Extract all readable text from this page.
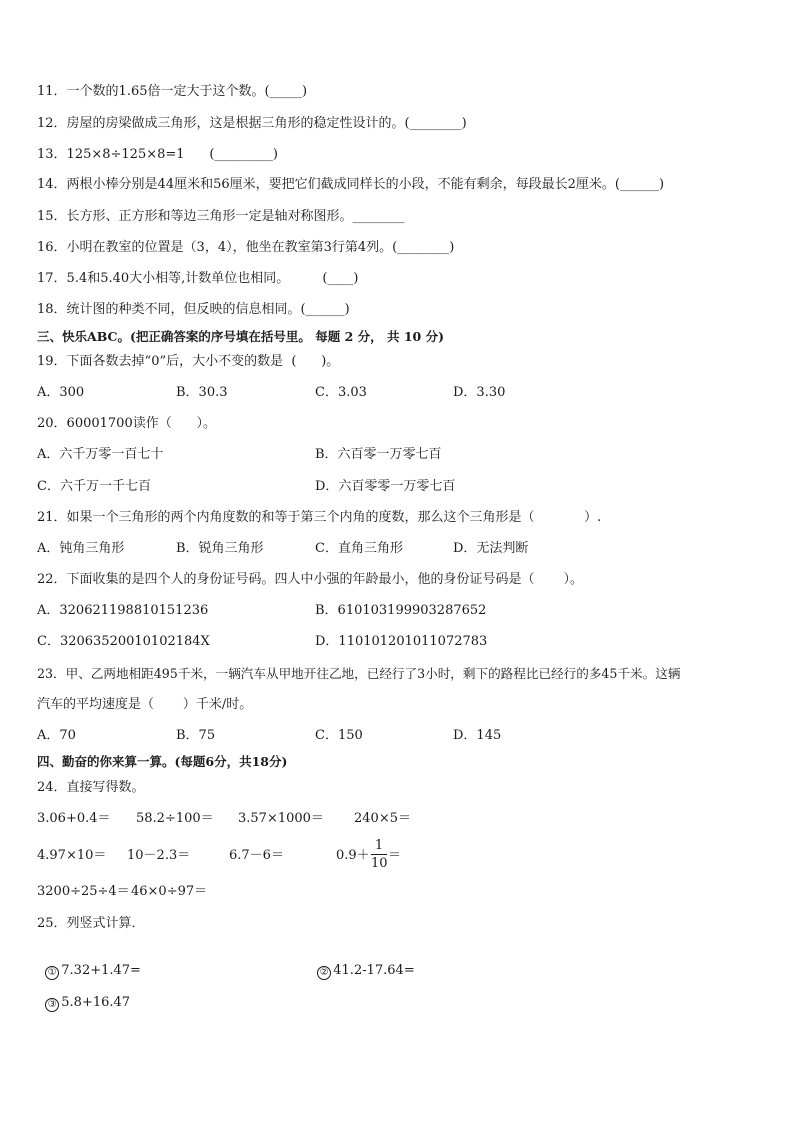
11．一个数的1.65倍一定大于这个数。(_____)
12．房屋的房梁做成三角形，这是根据三角形的稳定性设计的。(________)
13．125×8÷125×8=1      (_________)
14．两根小棒分别是44厘米和56厘米，要把它们截成同样长的小段，不能有剩余，每段最长2厘米。(______)
15．长方形、正方形和等边三角形一定是轴对称图形。________
16．小明在教室的位置是（3，4），他坐在教室第3行第4列。(________)
17．5.4和5.40大小相等,计数单位也相同。        (____)
18．统计图的种类不同，但反映的信息相同。(______)
三、快乐ABC。(把正确答案的序号填在括号里。 每题 2 分， 共 10 分)
19．下面各数去掉“0”后，大小不变的数是  (      )。
A．300	B．30.3	C．3.03	D．3.30
20．60001700读作（      ）。
A．六千万零一百七十	B．六百零一万零七百
C．六千万一千七百	D．六百零零一万零七百
21．如果一个三角形的两个内角度数的和等于第三个内角的度数，那么这个三角形是（            ）.
A．钝角三角形	B．锐角三角形	C．直角三角形	D．无法判断
22．下面收集的是四个人的身份证号码。四人中小强的年龄最小，他的身份证号码是（       ）。
A．320621198810151236	B．610103199903287652
C．32063520010102184X	D．110101201011072783
23．甲、乙两地相距495千米，一辆汽车从甲地开往乙地，已经行了3小时，剩下的路程比已经行的多45千米。这辆
汽车的平均速度是（       ）千米/时。
A．70	B．75	C．150	D．145
四、勤奋的你来算一算。(每题6分，共18分)
24．直接写得数。
3.06+0.4＝ 58.2÷100＝ 3.57×1000＝ 240×5＝
4.97×10＝ 10－2.3＝	6.7－6＝	0.9＋
1
10
＝
3200÷25÷4＝ 46×0÷97＝
25．列竖式计算．

① 7.32+1.47=	② 41.2-17.64=

③ 5.8+16.47
